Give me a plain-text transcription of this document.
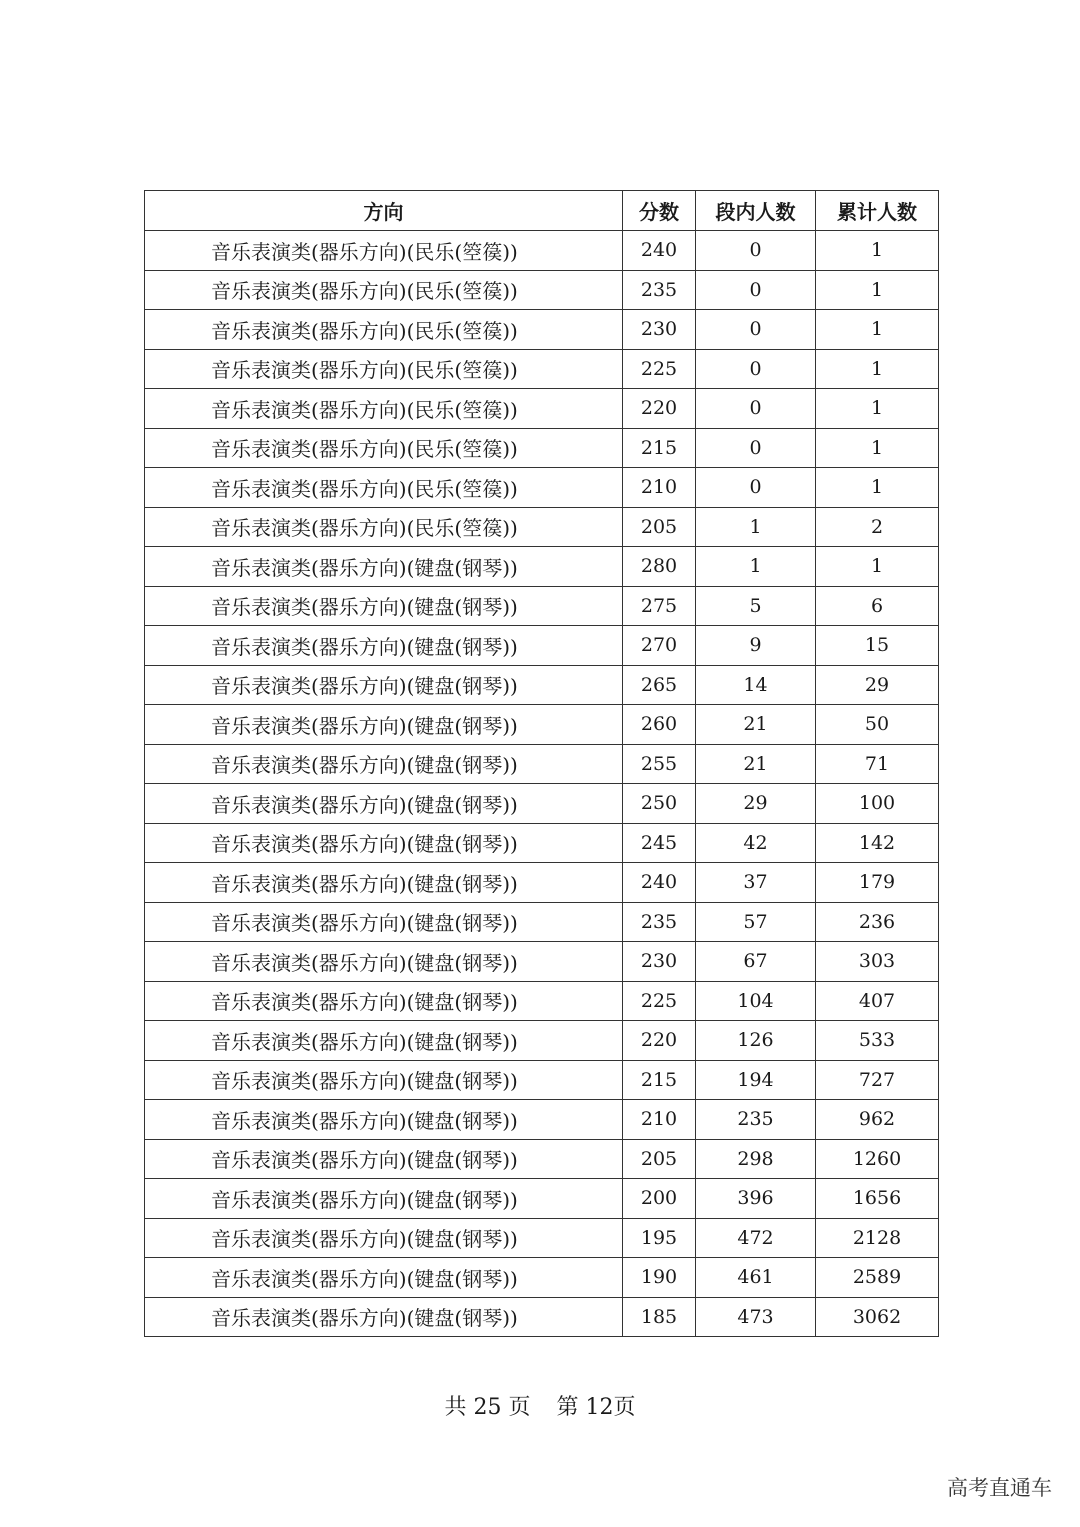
方向	分数	段内人数	累计人数
音乐表演类(器乐方向)(民乐(箜篌))	240	0	1
音乐表演类(器乐方向)(民乐(箜篌))	235	0	1
音乐表演类(器乐方向)(民乐(箜篌))	230	0	1
音乐表演类(器乐方向)(民乐(箜篌))	225	0	1
音乐表演类(器乐方向)(民乐(箜篌))	220	0	1
音乐表演类(器乐方向)(民乐(箜篌))	215	0	1
音乐表演类(器乐方向)(民乐(箜篌))	210	0	1
音乐表演类(器乐方向)(民乐(箜篌))	205	1	2
音乐表演类(器乐方向)(键盘(钢琴))	280	1	1
音乐表演类(器乐方向)(键盘(钢琴))	275	5	6
音乐表演类(器乐方向)(键盘(钢琴))	270	9	15
音乐表演类(器乐方向)(键盘(钢琴))	265	14	29
音乐表演类(器乐方向)(键盘(钢琴))	260	21	50
音乐表演类(器乐方向)(键盘(钢琴))	255	21	71
音乐表演类(器乐方向)(键盘(钢琴))	250	29	100
音乐表演类(器乐方向)(键盘(钢琴))	245	42	142
音乐表演类(器乐方向)(键盘(钢琴))	240	37	179
音乐表演类(器乐方向)(键盘(钢琴))	235	57	236
音乐表演类(器乐方向)(键盘(钢琴))	230	67	303
音乐表演类(器乐方向)(键盘(钢琴))	225	104	407
音乐表演类(器乐方向)(键盘(钢琴))	220	126	533
音乐表演类(器乐方向)(键盘(钢琴))	215	194	727
音乐表演类(器乐方向)(键盘(钢琴))	210	235	962
音乐表演类(器乐方向)(键盘(钢琴))	205	298	1260
音乐表演类(器乐方向)(键盘(钢琴))	200	396	1656
音乐表演类(器乐方向)(键盘(钢琴))	195	472	2128
音乐表演类(器乐方向)(键盘(钢琴))	190	461	2589
音乐表演类(器乐方向)(键盘(钢琴))	185	473	3062
共 25 页 第 12页
高考直通车
